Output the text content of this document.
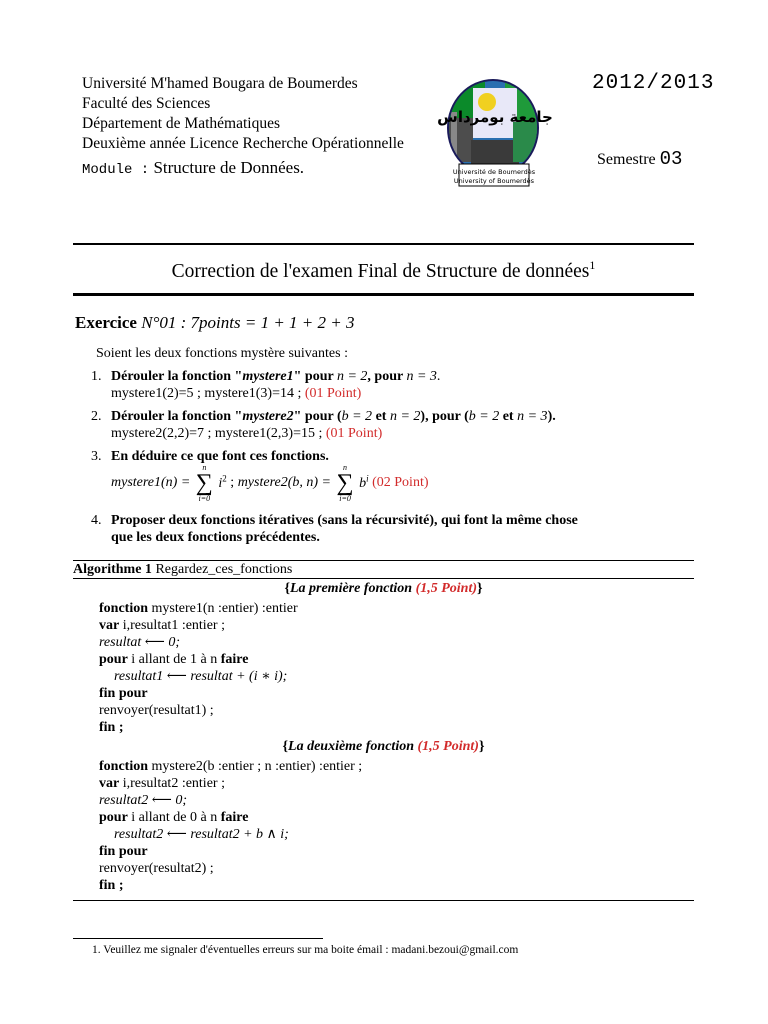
Université M'hamed Bougara de Boumerdes
Faculté des Sciences
Département de Mathématiques
Deuxième année Licence Recherche Opérationnelle
Module : Structure de Données.
جامعة بومرداس
Université de Boumerdès
University of Boumerdès
2012/2013
Semestre 03
Correction de l'examen Final de Structure de données$^1$
Exercice N°01 : 7points = 1 + 1 + 2 + 3
Soient les deux fonctions mystère suivantes :
1. Dérouler la fonction "mystere1" pour n = 2, pour n = 3.
mystere1(2)=5 ; mystere1(3)=14 ; (01 Point)
2. Dérouler la fonction "mystere2" pour (b = 2 et n = 2), pour (b = 2 et n = 3).
mystere2(2,2)=7 ; mystere1(2,3)=15 ; (01 Point)
3. En déduire ce que font ces fonctions.
mystere1(n) =
n
∑
i=0
$i^2$ ; mystere2(b, n) =
n
∑
i=0
$b^i$ (02 Point)
4. Proposer deux fonctions itératives (sans la récursivité), qui font la même chose
que les deux fonctions précédentes.
Algorithme 1 Regardez_ces_fonctions
{La première fonction (1,5 Point)}
fonction mystere1(n :entier) :entier
var i,resultat1 :entier ;
resultat ⟵ 0;
pour i allant de 1 à n faire
resultat1 ⟵ resultat + (i ∗ i);
fin pour
renvoyer(resultat1) ;
fin ;
{La deuxième fonction (1,5 Point)}
fonction mystere2(b :entier ; n :entier) :entier ;
var i,resultat2 :entier ;
resultat2 ⟵ 0;
pour i allant de 0 à n faire
resultat2 ⟵ resultat2 + b ∧ i;
fin pour
renvoyer(resultat2) ;
fin ;
1. Veuillez me signaler d'éventuelles erreurs sur ma boite émail : madani.bezoui@gmail.com
